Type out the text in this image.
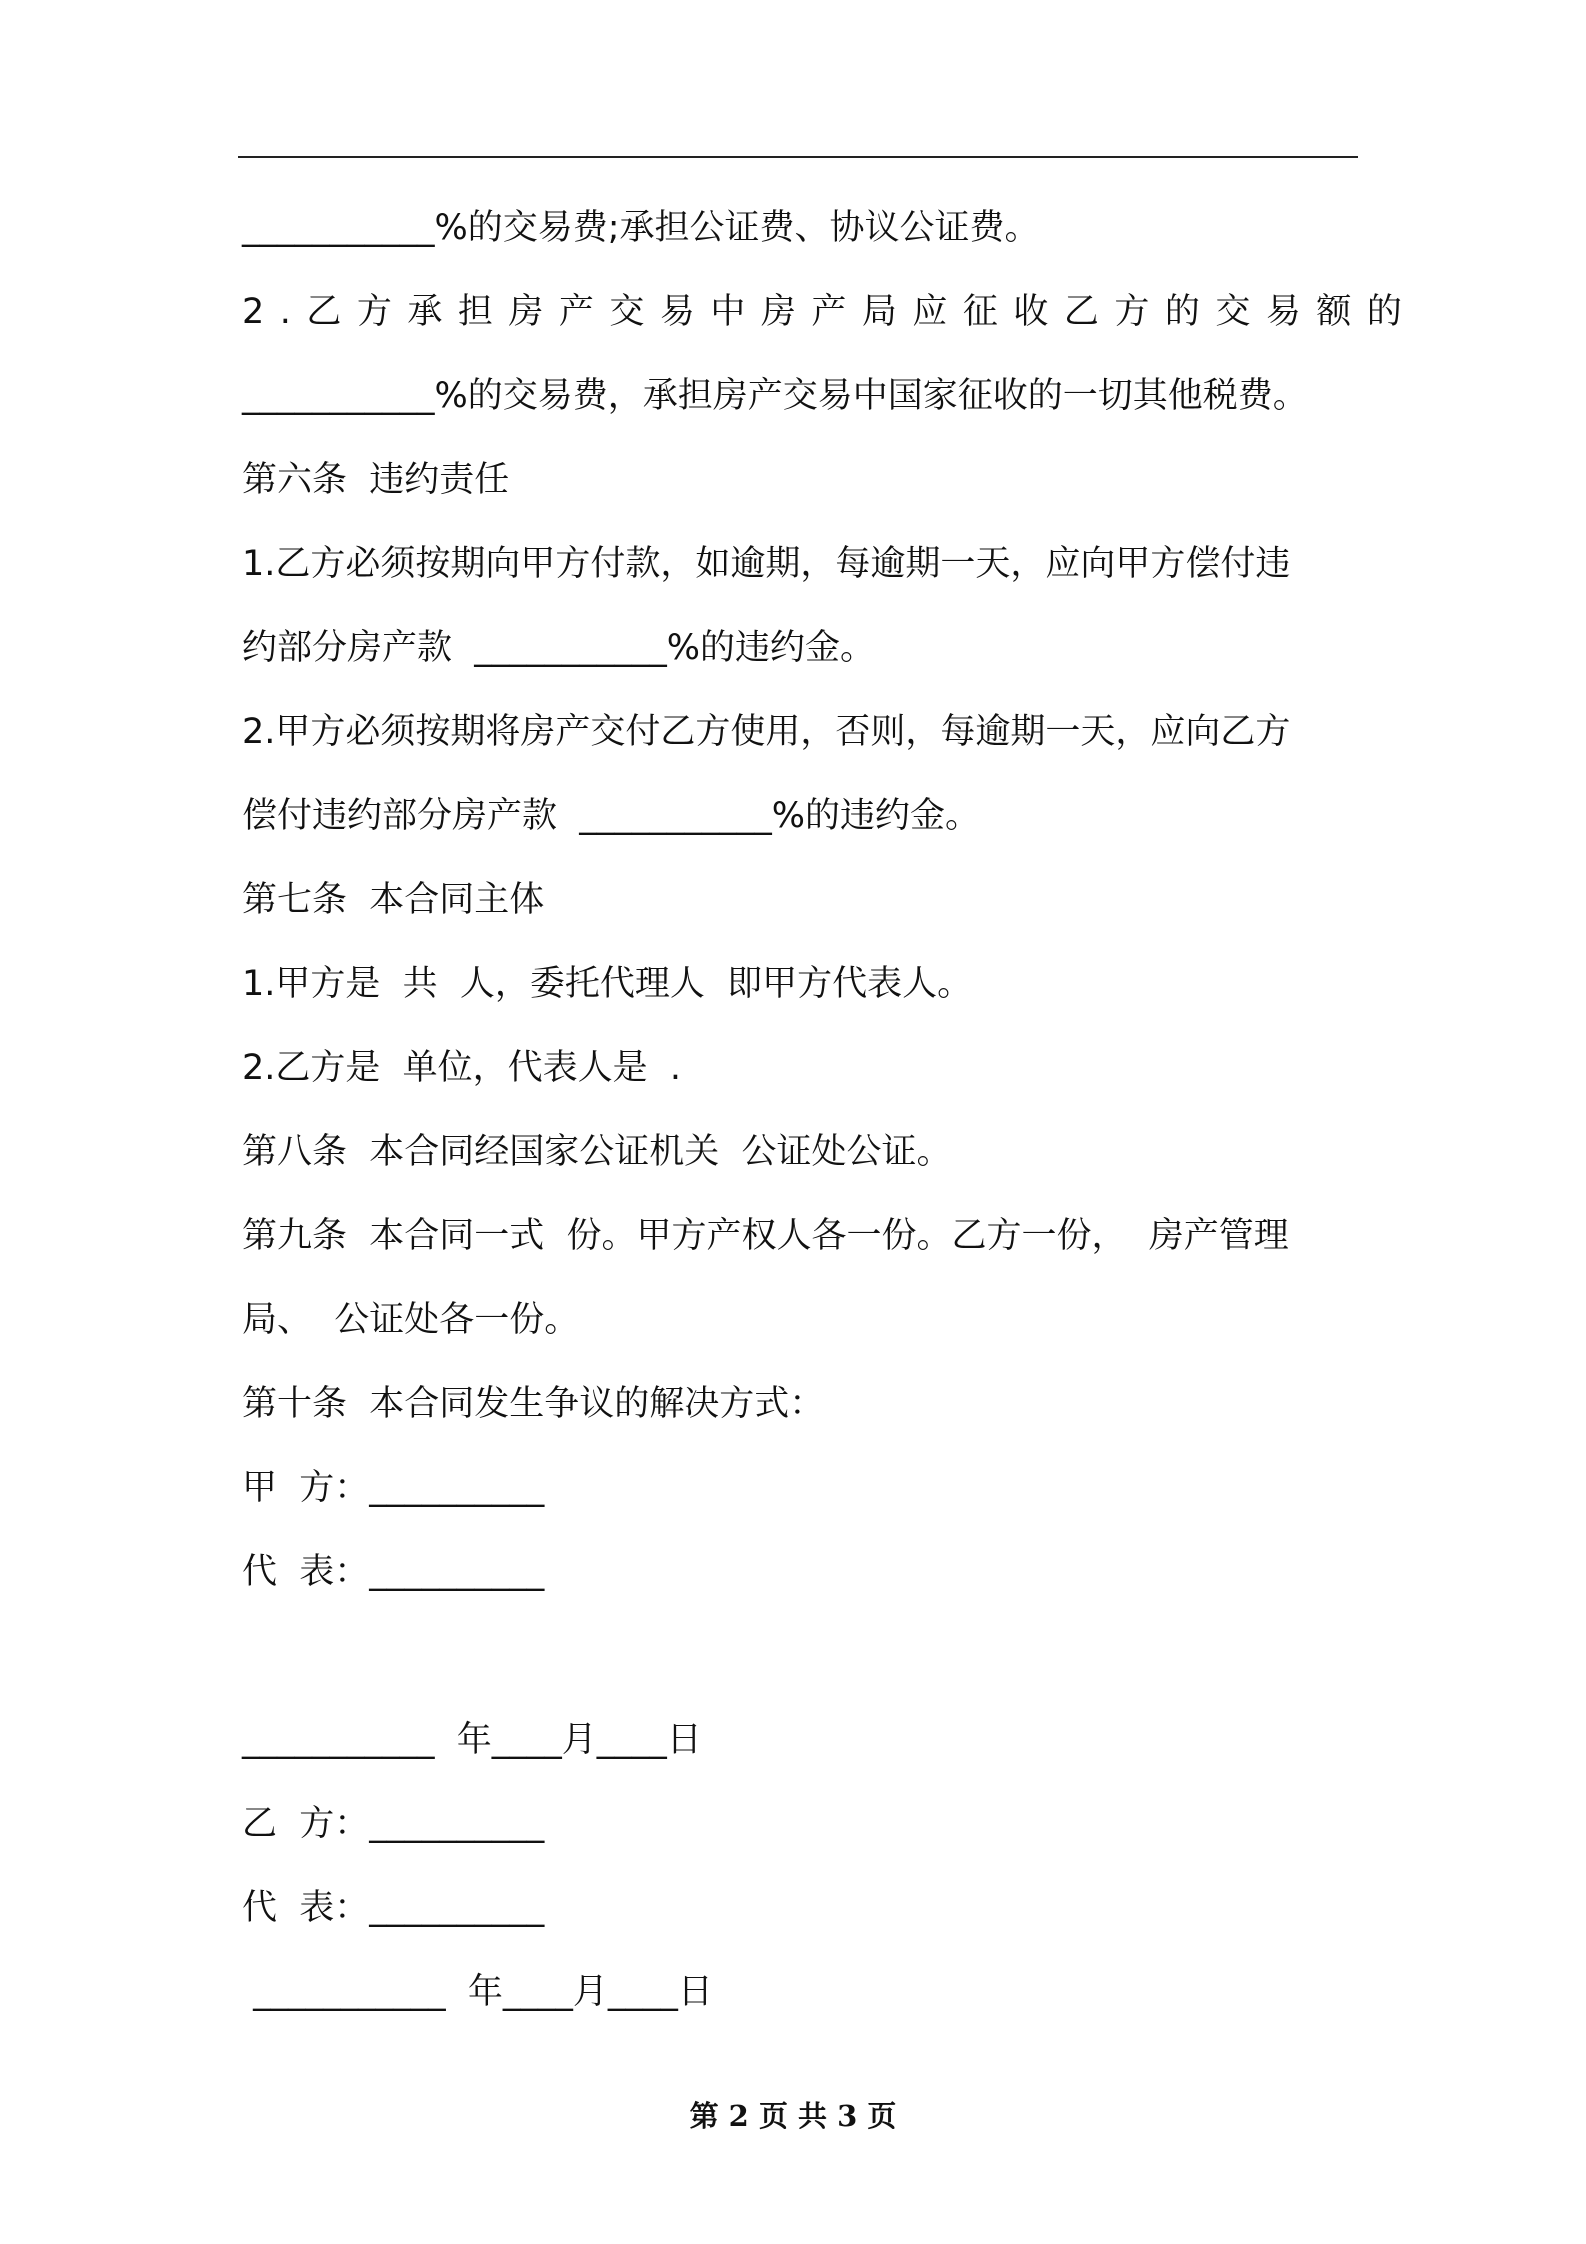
___________%的交易费;承担公证费、协议公证费。
2.乙方承担房产交易中房产局应征收乙方的交易额的
___________%的交易费，承担房产交易中国家征收的一切其他税费。
第六条  违约责任
1.乙方必须按期向甲方付款，如逾期，每逾期一天，应向甲方偿付违
约部分房产款  ___________%的违约金。
2.甲方必须按期将房产交付乙方使用，否则，每逾期一天，应向乙方
偿付违约部分房产款  ___________%的违约金。
第七条  本合同主体
1.甲方是  共  人，委托代理人  即甲方代表人。
2.乙方是  单位，代表人是  .
第八条  本合同经国家公证机关  公证处公证。
第九条  本合同一式  份。甲方产权人各一份。乙方一份，  房产管理
局、  公证处各一份。
第十条  本合同发生争议的解决方式：
甲  方：__________
代  表：__________
___________  年____月____日
乙  方：__________
代  表：__________
___________  年____月____日
第 2 页 共 3 页
